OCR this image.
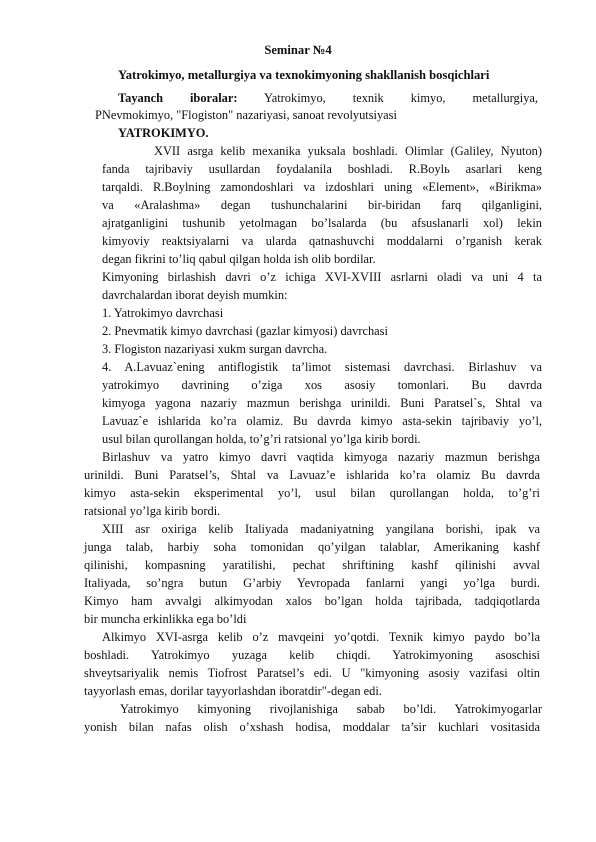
Seminar №4
Yatrokimyo, metallurgiya va texnokimyoning shakllanish bosqichlari
Tayanch iboralar: Yatrokimyo, texnik kimyo, metallurgiya,
PNevmokimyo, "Flogiston" nazariyasi, sanoat revolyutsiyasi
YATROKIMYO.
XVII asrga kelib mexanika yuksala boshladi. Olimlar (Galiley, Nyuton)
fanda tajribaviy usullardan foydalanila boshladi. R.Boylь asarlari keng
tarqaldi. R.Boylning zamondoshlari va izdoshlari uning «Element», «Birikma»
va «Aralashma» degan tushunchalarini bir-biridan farq qilganligini,
ajratganligini tushunib yetolmagan bo’lsalarda (bu afsuslanarli xol) lekin
kimyoviy reaktsiyalarni va ularda qatnashuvchi moddalarni o’rganish kerak
degan fikrini to’liq qabul qilgan holda ish olib bordilar.
Kimyoning birlashish davri o’z ichiga XVI-XVIII asrlarni oladi va uni 4 ta
davrchalardan iborat deyish mumkin:
1. Yatrokimyo davrchasi
2. Pnevmatik kimyo davrchasi (gazlar kimyosi) davrchasi
3. Flogiston nazariyasi xukm surgan davrcha.
4. A.Lavuaz`ening antiflogistik ta’limot sistemasi davrchasi. Birlashuv va
yatrokimyo davrining o’ziga xos asosiy tomonlari. Bu davrda
kimyoga yagona nazariy mazmun berishga urinildi. Buni Paratsel`s, Shtal va
Lavuaz`e ishlarida ko’ra olamiz. Bu davrda kimyo asta-sekin tajribaviy yo’l,
usul bilan qurollangan holda, to’g’ri ratsional yo’lga kirib bordi.
Birlashuv va yatro kimyo davri vaqtida kimyoga nazariy mazmun berishga
urinildi. Buni Paratsel’s, Shtal va Lavuaz’e ishlarida ko’ra olamiz Bu davrda
kimyo asta-sekin eksperimental yo’l, usul bilan qurollangan holda, to’g’ri
ratsional yo’lga kirib bordi.
XIII asr oxiriga kelib Italiyada madaniyatning yangilana borishi, ipak va
junga talab, harbiy soha tomonidan qo’yilgan talablar, Amerikaning kashf
qilinishi, kompasning yaratilishi, pechat shriftining kashf qilinishi avval
Italiyada, so’ngra butun G’arbiy Yevropada fanlarni yangi yo’lga burdi.
Kimyo ham avvalgi alkimyodan xalos bo’lgan holda tajribada, tadqiqotlarda
bir muncha erkinlikka ega bo’ldi
Alkimyo XVI-asrga kelib o’z mavqeini yo’qotdi. Texnik kimyo paydo bo’la
boshladi. Yatrokimyo yuzaga kelib chiqdi. Yatrokimyoning asoschisi
shveytsariyalik nemis Tiofrost Paratsel’s edi. U "kimyoning asosiy vazifasi oltin
tayyorlash emas, dorilar tayyorlashdan iboratdir"-degan edi.
Yatrokimyo kimyoning rivojlanishiga sabab bo’ldi. Yatrokimyogarlar
yonish bilan nafas olish o’xshash hodisa, moddalar ta’sir kuchlari vositasida
